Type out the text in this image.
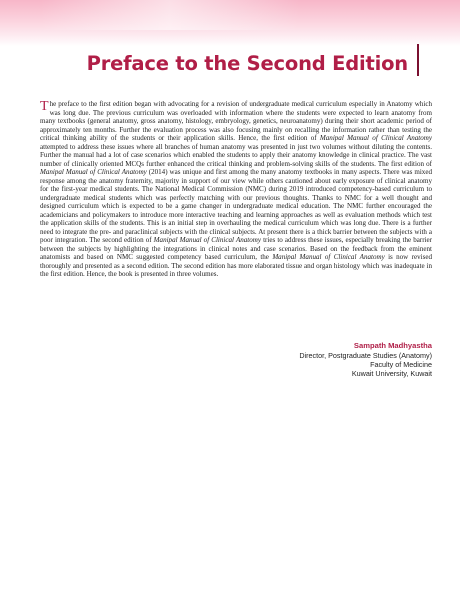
Preface to the Second Edition

The preface to the first edition began with advocating for a revision of undergraduate medical curriculum especially in Anatomy which was long due. The previous curriculum was overloaded with information where the students were expected to learn anatomy from many textbooks (general anatomy, gross anatomy, histology, embryology, genetics, neuroanatomy) during their short academic period of approximately ten months. Further the evaluation process was also focusing mainly on recalling the information rather than testing the critical thinking ability of the students or their application skills. Hence, the first edition of Manipal Manual of Clinical Anatomy attempted to address these issues where all branches of human anatomy was presented in just two volumes without diluting the contents. Further the manual had a lot of case scenarios which enabled the students to apply their anatomy knowledge in clinical practice. The vast number of clinically oriented MCQs further enhanced the critical thinking and problem-solving skills of the students. The first edition of Manipal Manual of Clinical Anatomy (2014) was unique and first among the many anatomy textbooks in many aspects. There was mixed response among the anatomy fraternity, majority in support of our view while others cautioned about early exposure of clinical anatomy for the first-year medical students. The National Medical Commission (NMC) during 2019 introduced competency-based curriculum to undergraduate medical students which was perfectly matching with our previous thoughts. Thanks to NMC for a well thought and designed curriculum which is expected to be a game changer in undergraduate medical education. The NMC further encouraged the academicians and policymakers to introduce more interactive teaching and learning approaches as well as evaluation methods which test the application skills of the students. This is an initial step in overhauling the medical curriculum which was long due. There is a further need to integrate the pre- and paraclinical subjects with the clinical subjects. At present there is a thick barrier between the subjects with a poor integration. The second edition of Manipal Manual of Clinical Anatomy tries to address these issues, especially breaking the barrier between the subjects by highlighting the integrations in clinical notes and case scenarios. Based on the feedback from the eminent anatomists and based on NMC suggested competency based curriculum, the Manipal Manual of Clinical Anatomy is now revised thoroughly and presented as a second edition. The second edition has more elaborated tissue and organ histology which was inadequate in the first edition. Hence, the book is presented in three volumes.

Sampath Madhyastha
Director, Postgraduate Studies (Anatomy)
Faculty of Medicine
Kuwait University, Kuwait
